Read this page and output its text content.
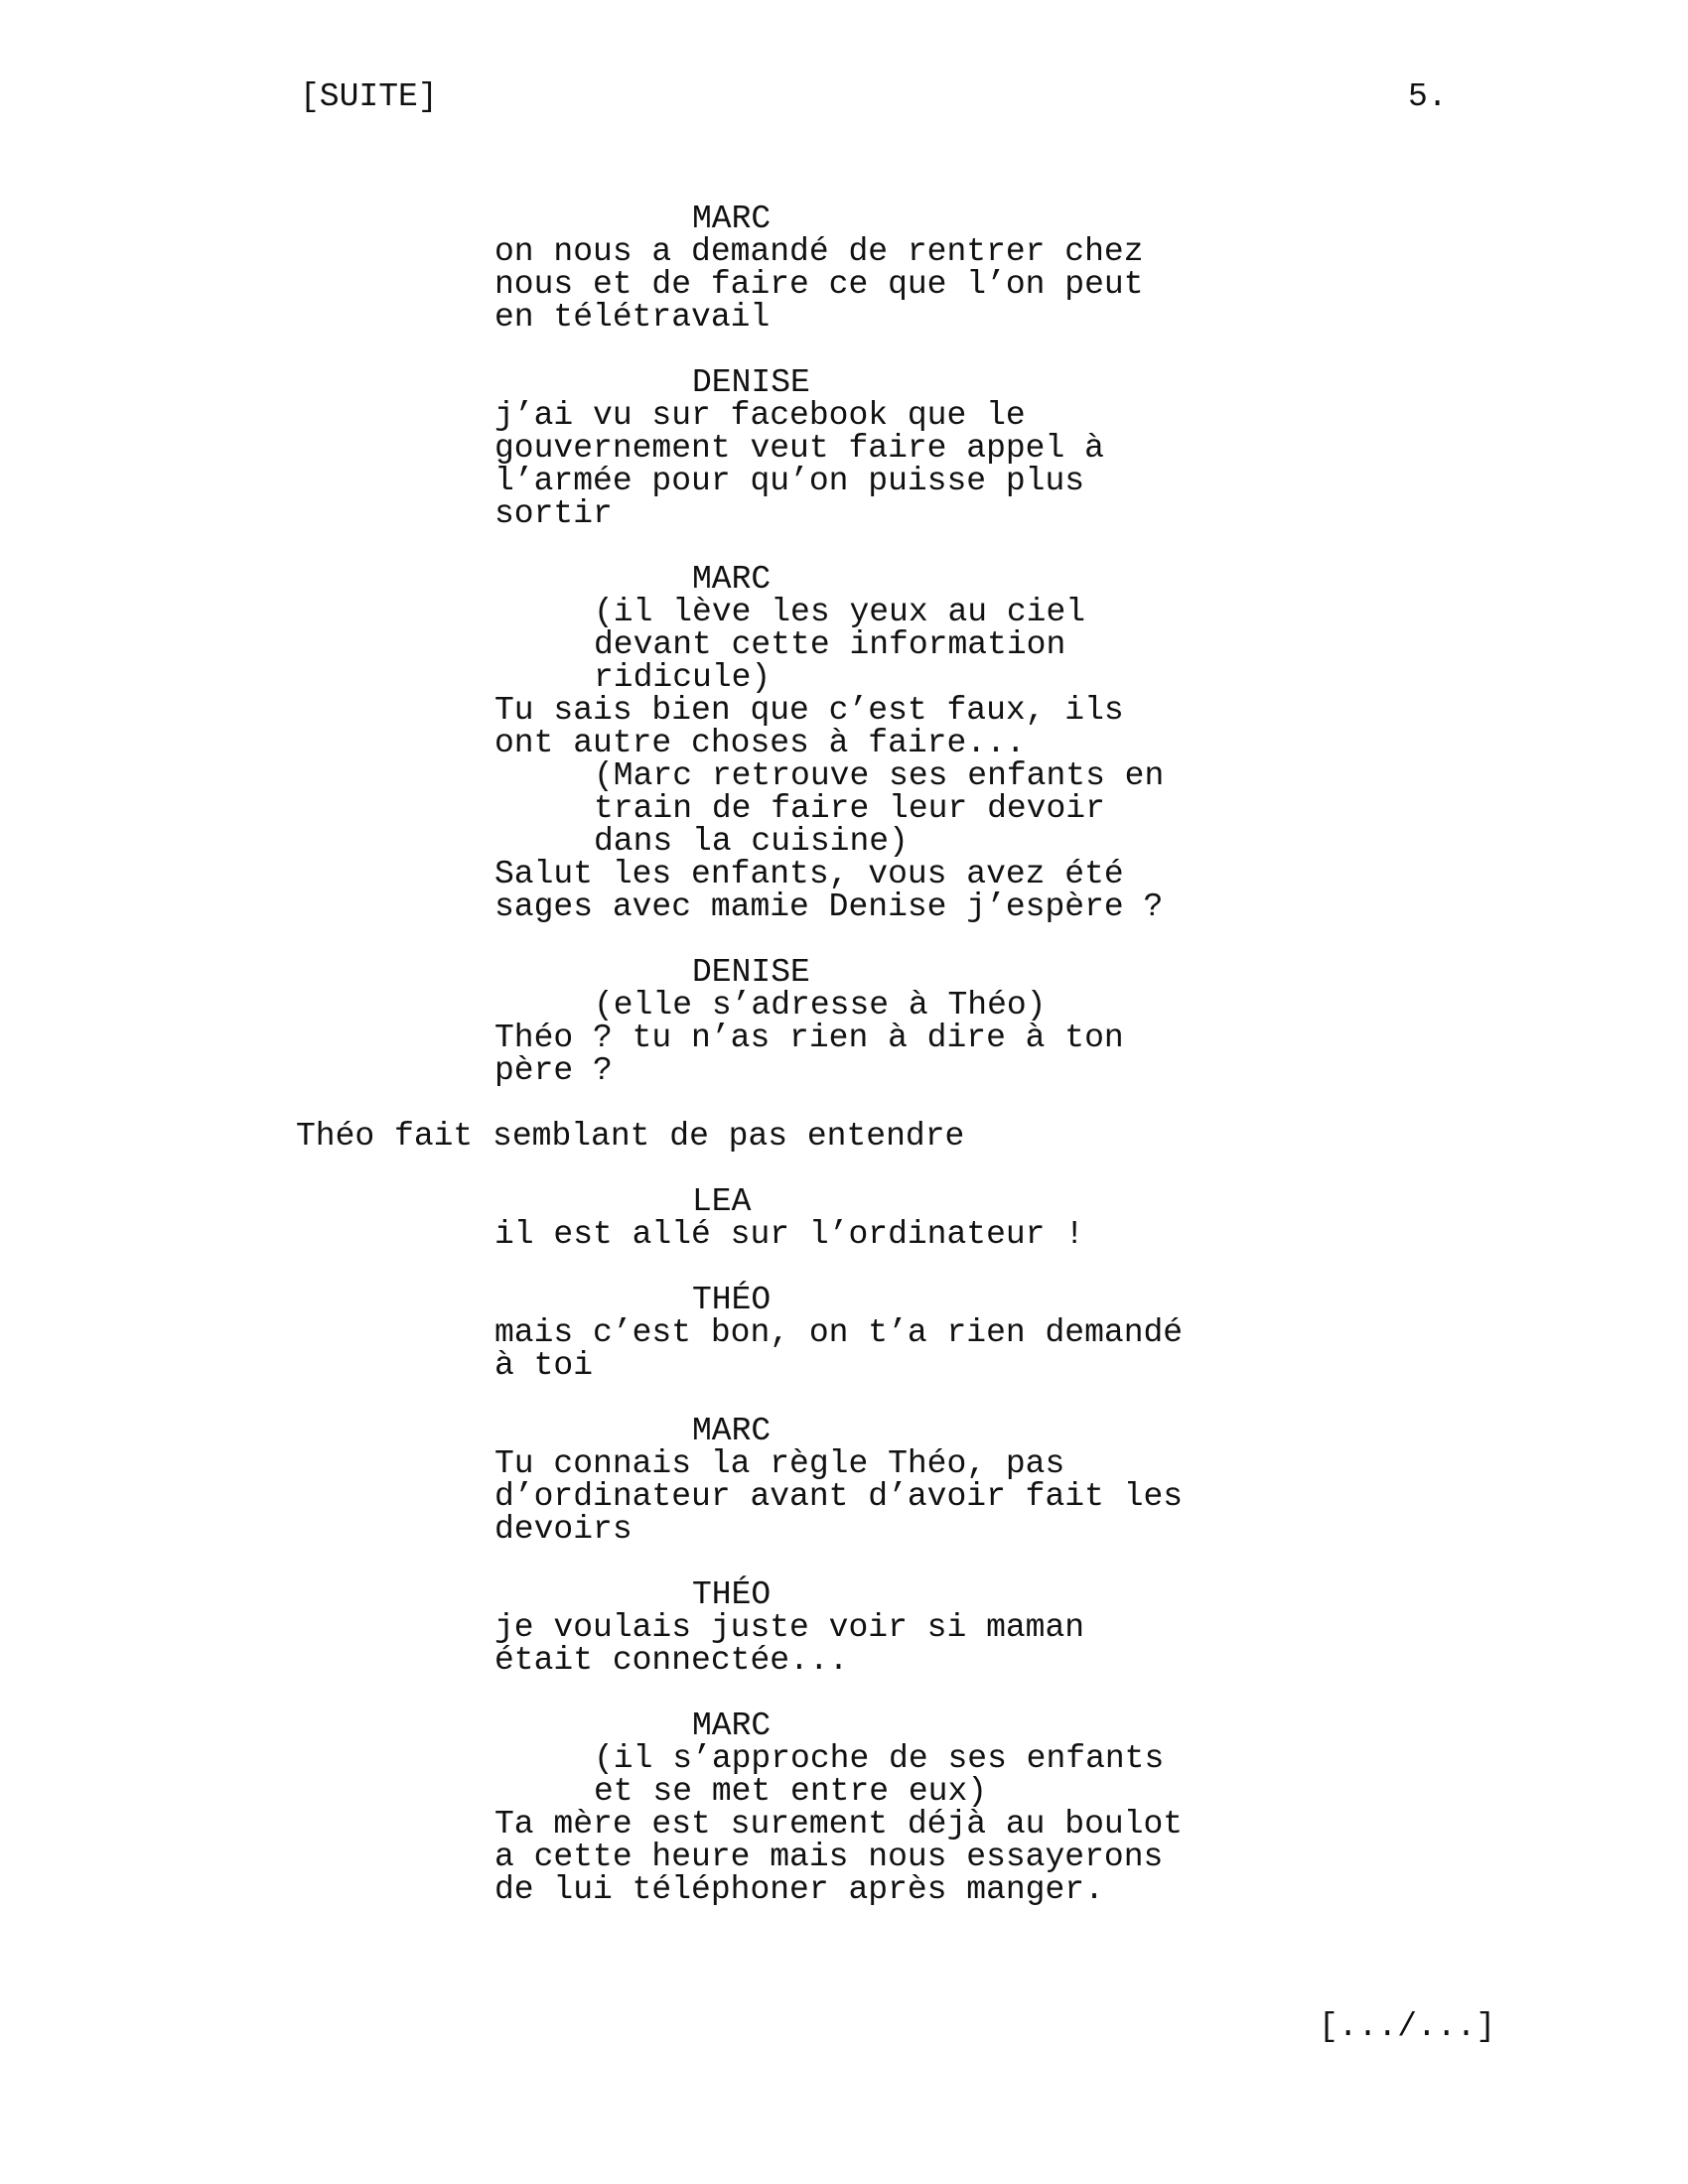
[SUITE]	5.
MARC
on nous a demandé de rentrer chez
nous et de faire ce que l’on peut
en télétravail
DENISE
j’ai vu sur facebook que le
gouvernement veut faire appel à
l’armée pour qu’on puisse plus
sortir
MARC
(il lève les yeux au ciel
devant cette information
ridicule)
Tu sais bien que c’est faux, ils
ont autre choses à faire...
(Marc retrouve ses enfants en
train de faire leur devoir
dans la cuisine)
Salut les enfants, vous avez été
sages avec mamie Denise j’espère ?
DENISE
(elle s’adresse à Théo)
Théo ? tu n’as rien à dire à ton
père ?
Théo fait semblant de pas entendre
LEA
il est allé sur l’ordinateur !
THÉO
mais c’est bon, on t’a rien demandé
à toi
MARC
Tu connais la règle Théo, pas
d’ordinateur avant d’avoir fait les
devoirs
THÉO
je voulais juste voir si maman
était connectée...
MARC
(il s’approche de ses enfants
et se met entre eux)
Ta mère est surement déjà au boulot
a cette heure mais nous essayerons
de lui téléphoner après manger.
[.../...]
